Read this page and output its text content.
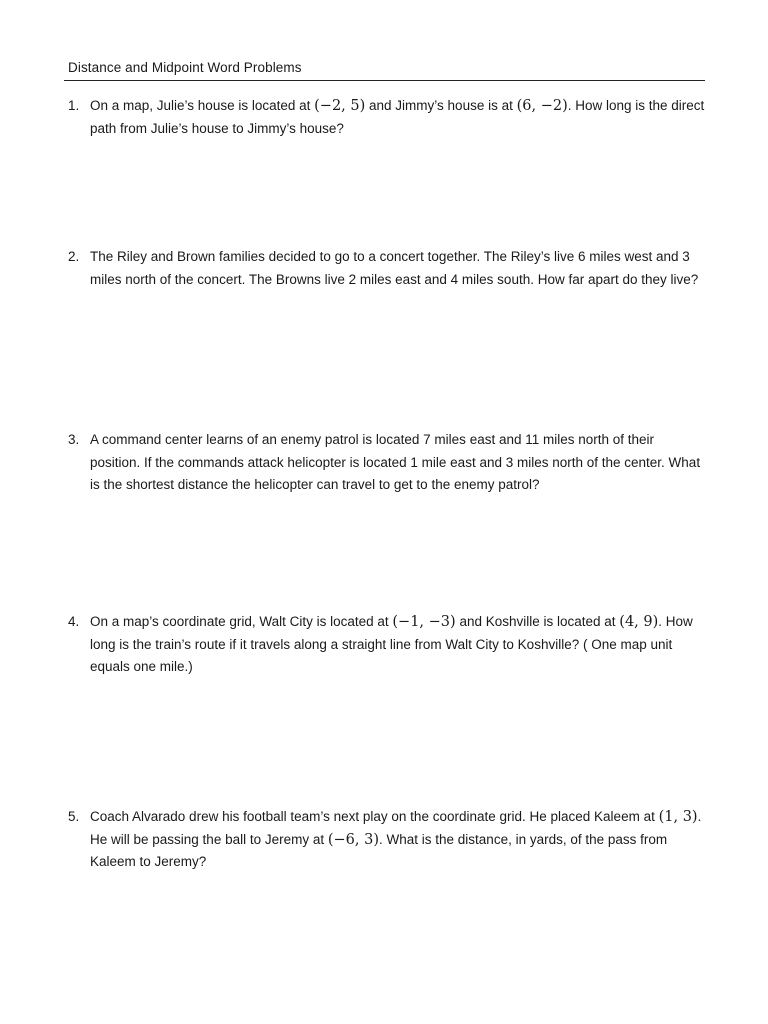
Distance and Midpoint Word Problems
1. On a map, Julie’s house is located at (−2, 5) and Jimmy’s house is at (6, −2). How long is the direct path from Julie’s house to Jimmy’s house?
2. The Riley and Brown families decided to go to a concert together. The Riley’s live 6 miles west and 3 miles north of the concert. The Browns live 2 miles east and 4 miles south. How far apart do they live?
3. A command center learns of an enemy patrol is located 7 miles east and 11 miles north of their position. If the commands attack helicopter is located 1 mile east and 3 miles north of the center. What is the shortest distance the helicopter can travel to get to the enemy patrol?
4. On a map’s coordinate grid, Walt City is located at (−1, −3) and Koshville is located at (4, 9). How long is the train’s route if it travels along a straight line from Walt City to Koshville? ( One map unit equals one mile.)
5. Coach Alvarado drew his football team’s next play on the coordinate grid. He placed Kaleem at (1, 3). He will be passing the ball to Jeremy at (−6, 3). What is the distance, in yards, of the pass from Kaleem to Jeremy?
